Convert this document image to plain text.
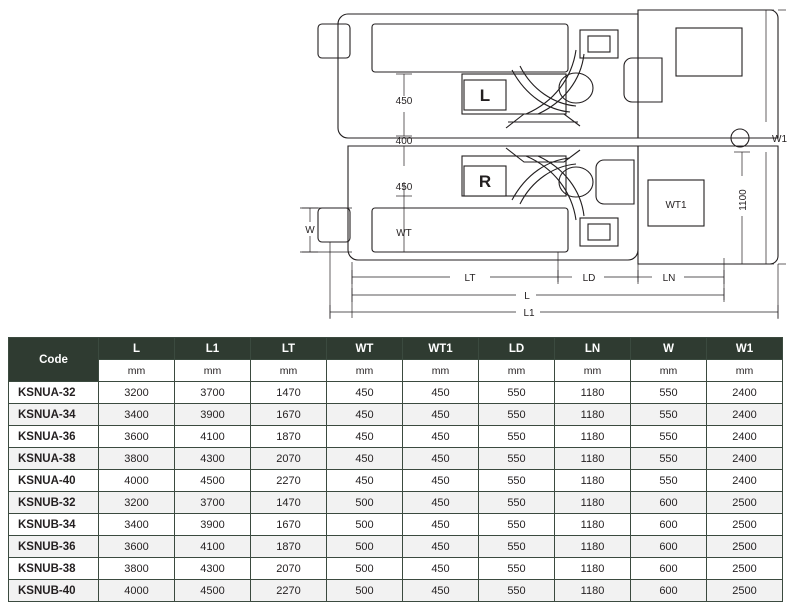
450
400
450
WT
WT1
W
LT	LD	LN
L
L1
W1
1100
L
R
Code	L	L1	LT	WT	WT1	LD	LN	W	W1
	mm	mm	mm	mm	mm	mm	mm	mm	mm
KSNUA-32	3200	3700	1470	450	450	550	1180	550	2400
KSNUA-34	3400	3900	1670	450	450	550	1180	550	2400
KSNUA-36	3600	4100	1870	450	450	550	1180	550	2400
KSNUA-38	3800	4300	2070	450	450	550	1180	550	2400
KSNUA-40	4000	4500	2270	450	450	550	1180	550	2400
KSNUB-32	3200	3700	1470	500	450	550	1180	600	2500
KSNUB-34	3400	3900	1670	500	450	550	1180	600	2500
KSNUB-36	3600	4100	1870	500	450	550	1180	600	2500
KSNUB-38	3800	4300	2070	500	450	550	1180	600	2500
KSNUB-40	4000	4500	2270	500	450	550	1180	600	2500
